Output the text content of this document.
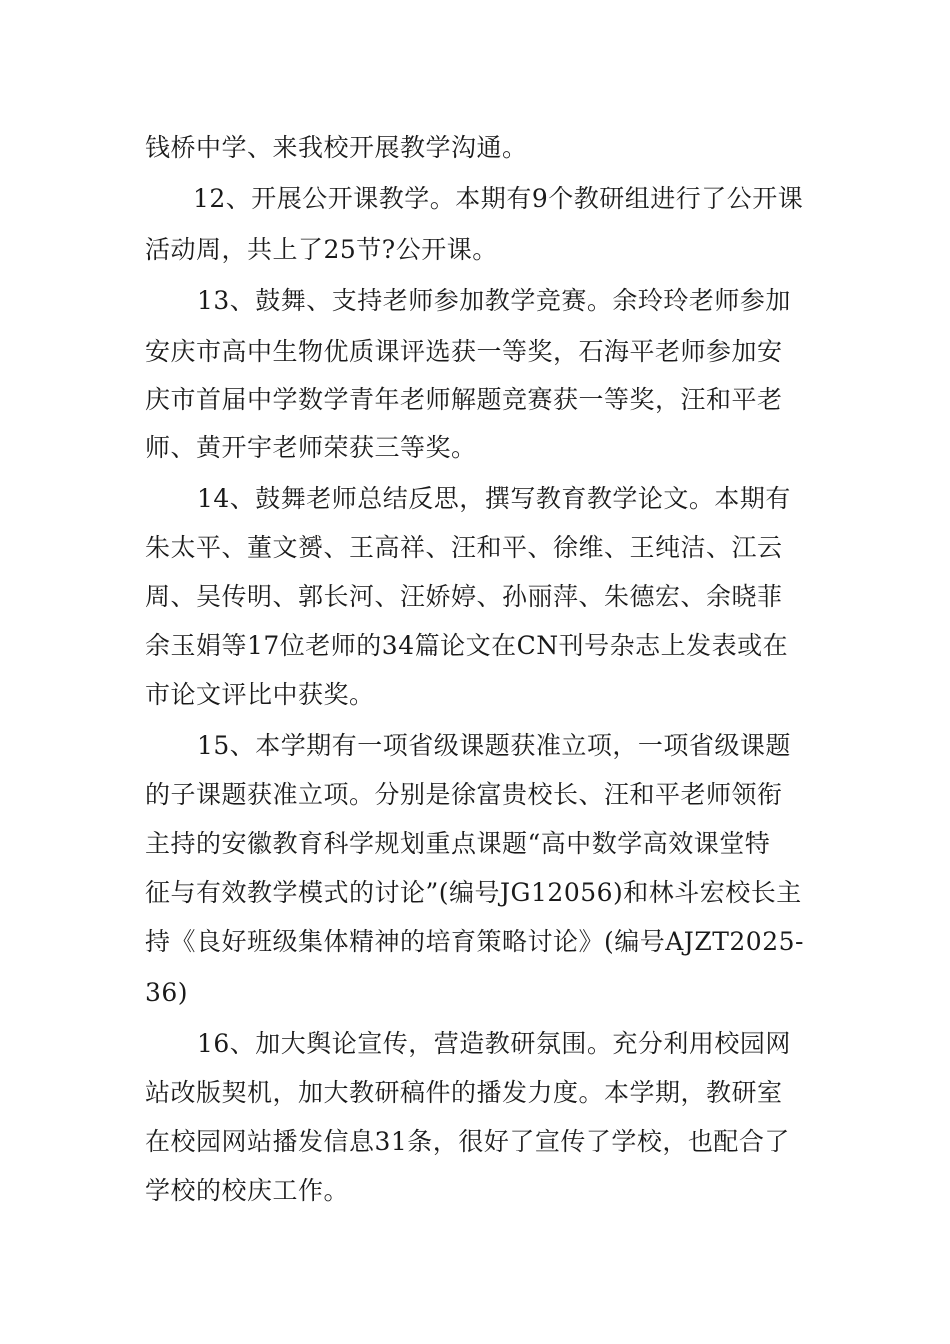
钱桥中学、来我校开展教学沟通。
12、开展公开课教学。本期有9个教研组进行了公开课
活动周，共上了25节?公开课。
13、鼓舞、支持老师参加教学竞赛。余玲玲老师参加
安庆市高中生物优质课评选获一等奖，石海平老师参加安
庆市首届中学数学青年老师解题竞赛获一等奖，汪和平老
师、黄开宇老师荣获三等奖。
14、鼓舞老师总结反思，撰写教育教学论文。本期有
朱太平、董文赟、王高祥、汪和平、徐维、王纯洁、江云
周、吴传明、郭长河、汪娇婷、孙丽萍、朱德宏、余晓菲
余玉娟等17位老师的34篇论文在CN刊号杂志上发表或在
市论文评比中获奖。
15、本学期有一项省级课题获准立项，一项省级课题
的子课题获准立项。分别是徐富贵校长、汪和平老师领衔
主持的安徽教育科学规划重点课题“高中数学高效课堂特
征与有效教学模式的讨论”(编号JG12056)和林斗宏校长主
持《良好班级集体精神的培育策略讨论》(编号AJZT2025-
36)
16、加大舆论宣传，营造教研氛围。充分利用校园网
站改版契机，加大教研稿件的播发力度。本学期，教研室
在校园网站播发信息31条，很好了宣传了学校，也配合了
学校的校庆工作。
